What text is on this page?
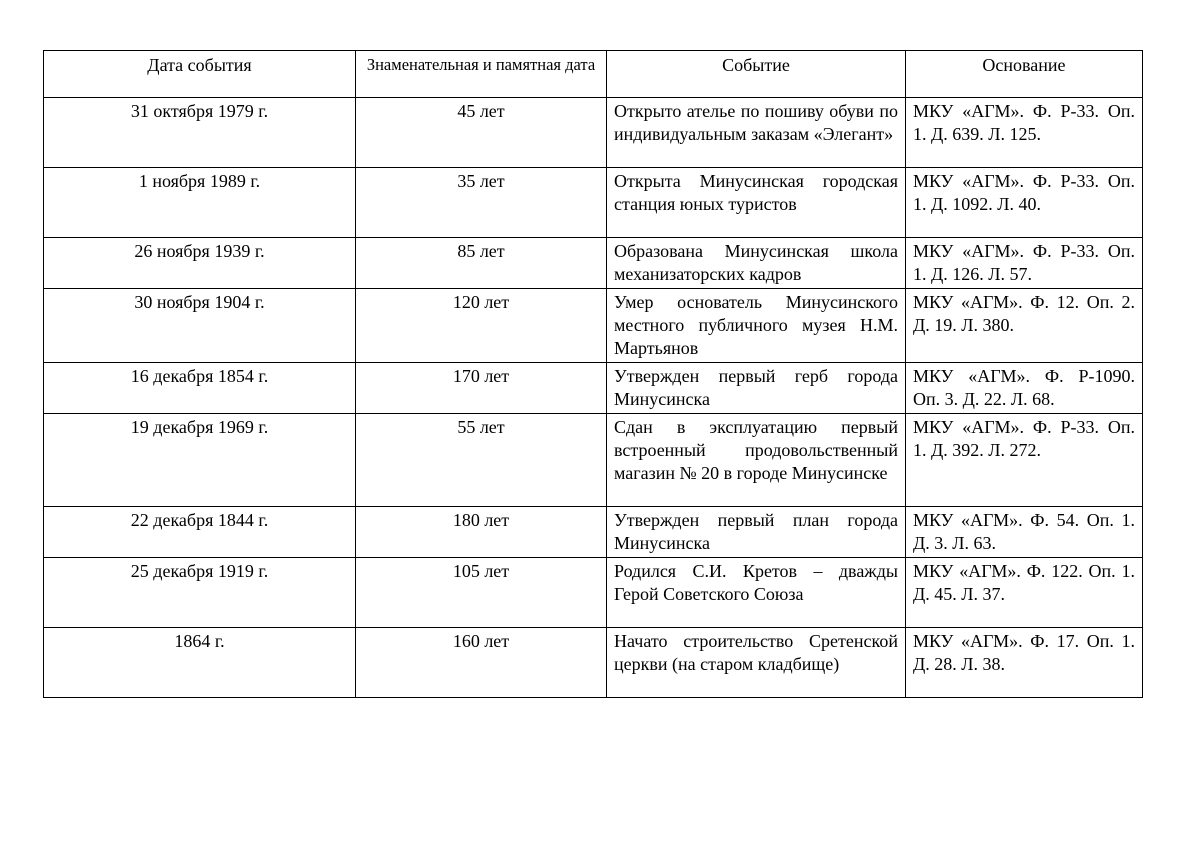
Дата события	Знаменательная и памятная дата	Событие	Основание
31 октября 1979 г.	45 лет	Открыто ателье по пошиву обуви по индивидуальным заказам «Элегант»	МКУ «АГМ». Ф. Р-33. Оп. 1. Д. 639. Л. 125.
1 ноября 1989 г.	35 лет	Открыта Минусинская городская станция юных туристов	МКУ «АГМ». Ф. Р-33. Оп. 1. Д. 1092. Л. 40.
26 ноября 1939 г.	85 лет	Образована Минусинская школа механизаторских кадров	МКУ «АГМ». Ф. Р-33. Оп. 1. Д. 126. Л. 57.
30 ноября 1904 г.	120 лет	Умер основатель Минусинского местного публичного музея Н.М. Мартьянов	МКУ «АГМ». Ф. 12. Оп. 2. Д. 19. Л. 380.
16 декабря 1854 г.	170 лет	Утвержден первый герб города Минусинска	МКУ «АГМ». Ф. Р-1090. Оп. 3. Д. 22. Л. 68.
19 декабря 1969 г.	55 лет	Сдан в эксплуатацию первый встроенный продовольственный магазин № 20 в городе Минусинске	МКУ «АГМ». Ф. Р-33. Оп. 1. Д. 392. Л. 272.
22 декабря 1844 г.	180 лет	Утвержден первый план города Минусинска	МКУ «АГМ». Ф. 54. Оп. 1. Д. 3. Л. 63.
25 декабря 1919 г.	105 лет	Родился С.И. Кретов – дважды Герой Советского Союза	МКУ «АГМ». Ф. 122. Оп. 1. Д. 45. Л. 37.
1864 г.	160 лет	Начато строительство Сретенской церкви (на старом кладбище)	МКУ «АГМ». Ф. 17. Оп. 1. Д. 28. Л. 38.
